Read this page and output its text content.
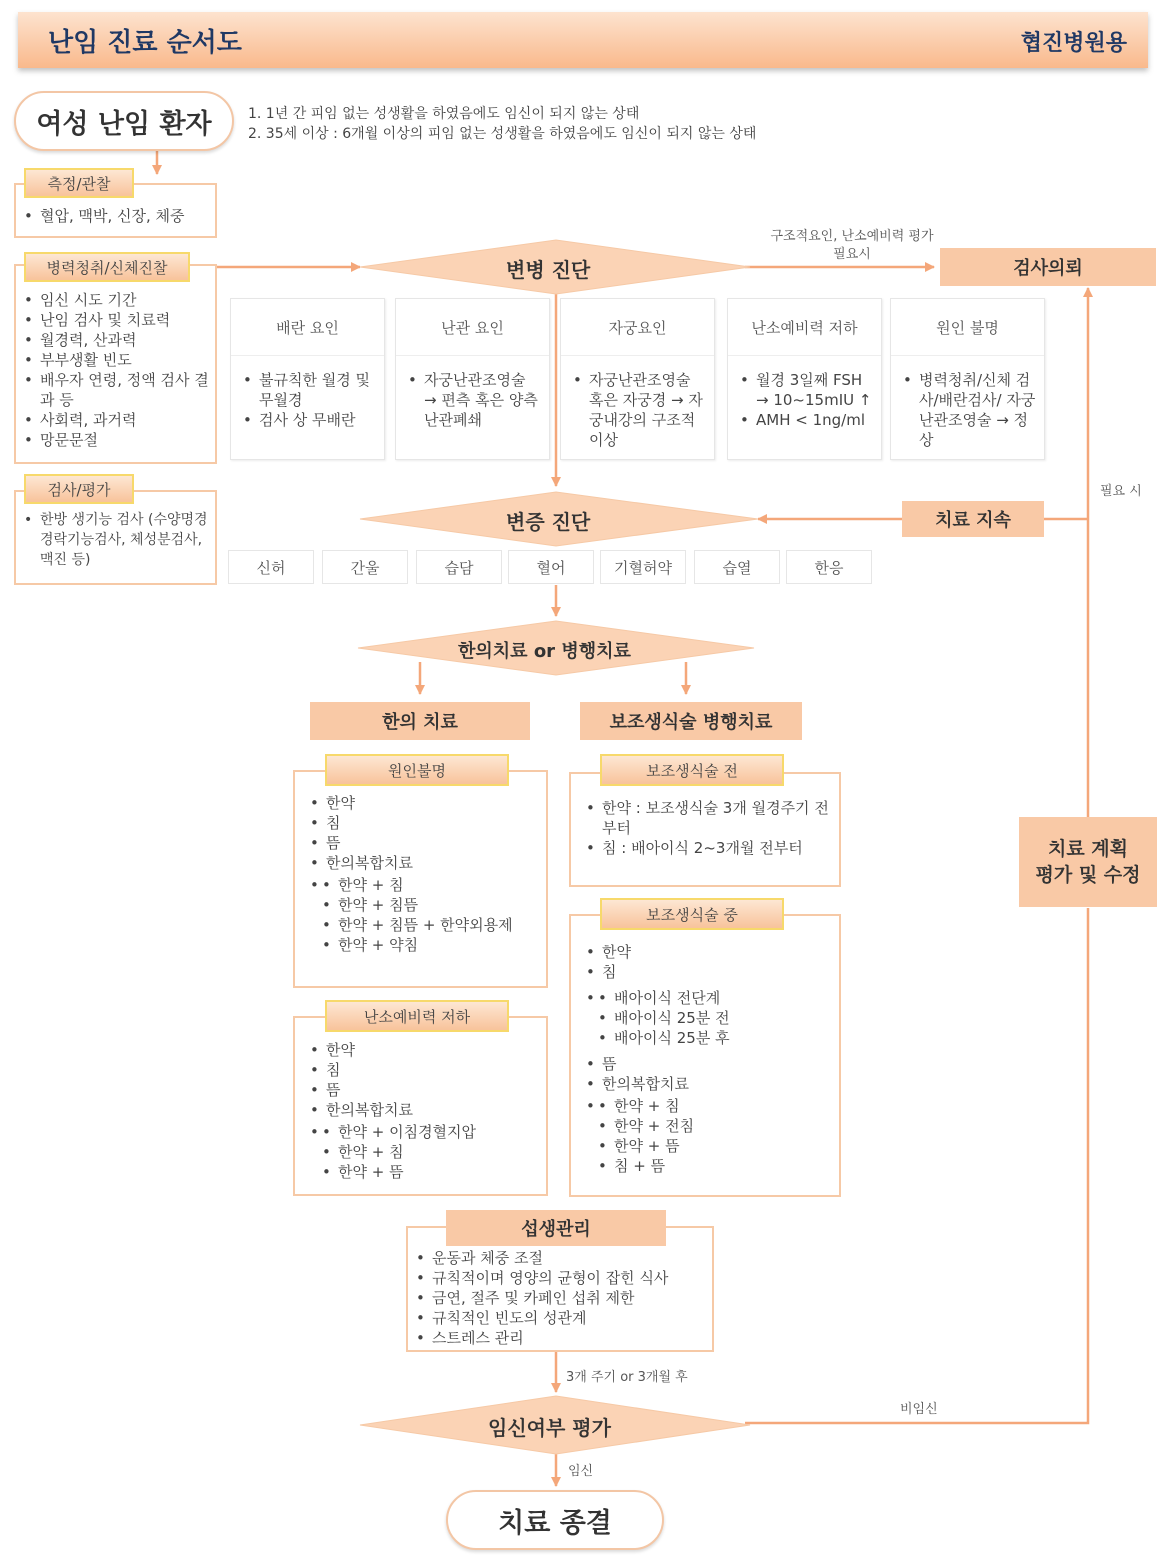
난임 진료 순서도	협진병원용
여성 난임 환자	1. 1년 간 피임 없는 성생활을 하였음에도 임신이 되지 않는 상태
2. 35세 이상 : 6개월 이상의 피임 없는 성생활을 하였음에도 임신이 되지 않는 상태
측정/관찰
• 혈압, 맥박, 신장, 체중
병력청취/신체진찰
• 임신 시도 기간
• 난임 검사 및 치료력
• 월경력, 산과력
• 부부생활 빈도
• 배우자 연령, 정액 검사 결과 등
• 사회력, 과거력
• 망문문절
검사/평가
• 한방 생기능 검사 (수양명경경락기능검사, 체성분검사, 맥진 등)
변병 진단
구조적요인, 난소예비력 평가
필요시
검사의뢰
배란 요인
• 불규칙한 월경 및 무월경
• 검사 상 무배란
난관 요인
• 자궁난관조영술 → 편측 혹은 양측 난관폐쇄
자궁요인
• 자궁난관조영술 혹은 자궁경 → 자궁내강의 구조적 이상
난소예비력 저하
• 월경 3일째 FSH → 10~15mIU ↑
• AMH < 1ng/ml
원인 불명
• 병력청취/신체 검사/배란검사/ 자궁난관조영술 → 정상
변증 진단	치료 지속
신허	간울	습담	혈어	기혈허약	습열	한응
한의치료 or 병행치료
한의 치료
원인불명
• 한약
• 침
• 뜸
• 한의복합치료
• • 한약 + 침
• 한약 + 침뜸
• 한약 + 침뜸 + 한약외용제
• 한약 + 약침
난소예비력 저하
• 한약
• 침
• 뜸
• 한의복합치료
• • 한약 + 이침경혈지압
• 한약 + 침
• 한약 + 뜸
보조생식술 병행치료
보조생식술 전
• 한약 : 보조생식술 3개 월경주기 전부터
• 침 : 배아이식 2~3개월 전부터
보조생식술 중
• 한약
• 침
• • 배아이식 전단계
• 배아이식 25분 전
• 배아이식 25분 후
• 뜸
• 한의복합치료
• • 한약 + 침
• 한약 + 전침
• 한약 + 뜸
• 침 + 뜸
섭생관리
• 운동과 체중 조절
• 규칙적이며 영양의 균형이 잡힌 식사
• 금연, 절주 및 카페인 섭취 제한
• 규칙적인 빈도의 성관계
• 스트레스 관리
3개 주기 or 3개월 후
임신여부 평가
비임신
임신
치료 종결
치료 계획
평가 및 수정
필요 시
